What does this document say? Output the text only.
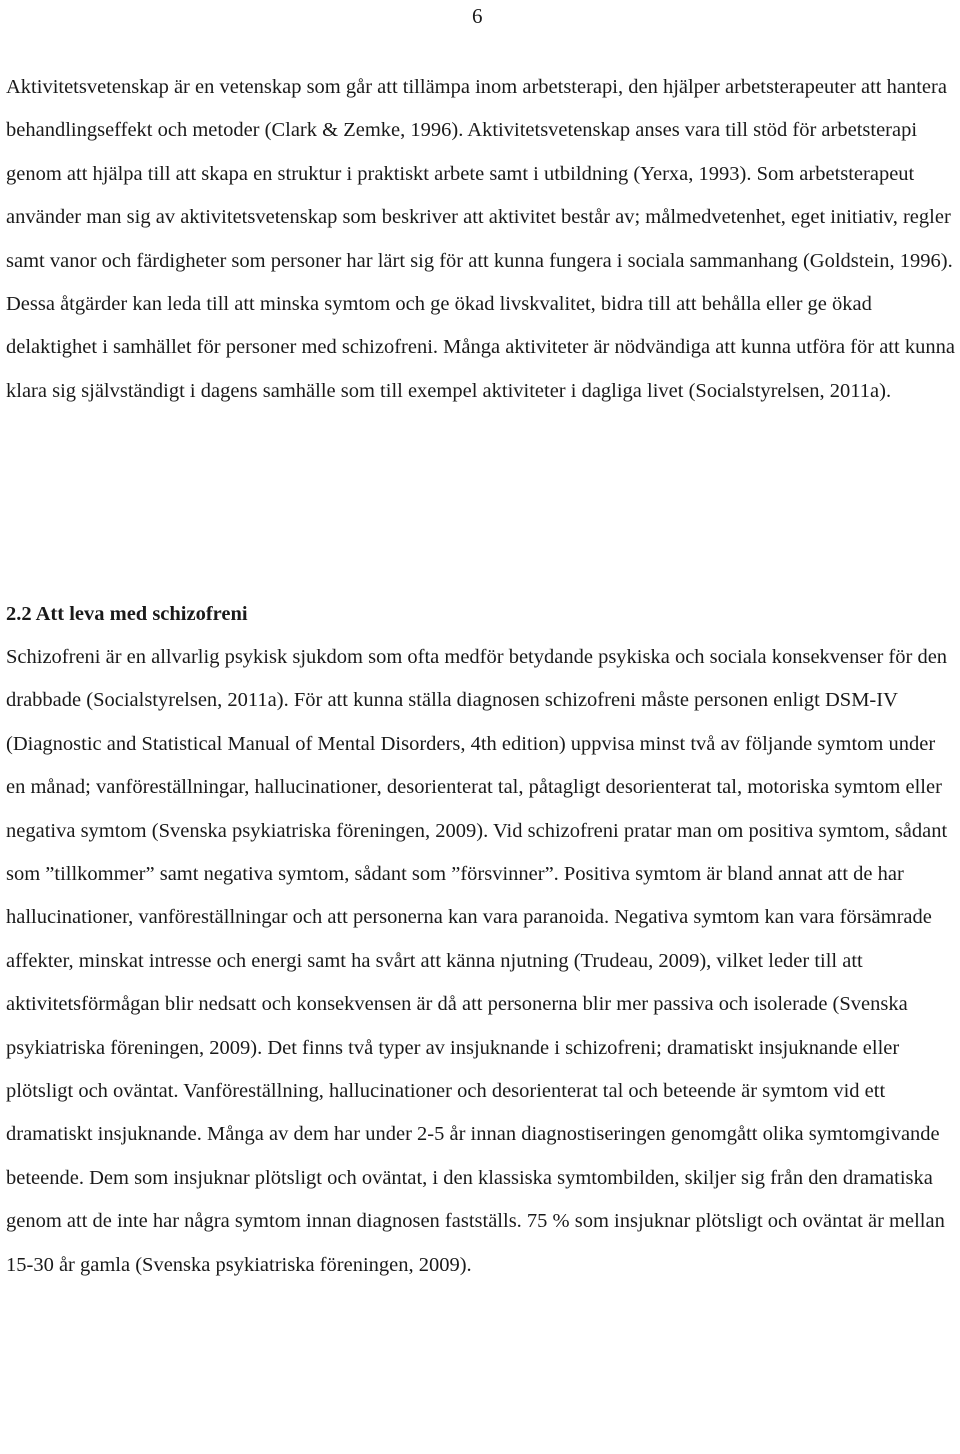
6

Aktivitetsvetenskap är en vetenskap som går att tillämpa inom arbetsterapi, den hjälper arbetsterapeuter att hantera behandlingseffekt och metoder (Clark & Zemke, 1996). Aktivitetsvetenskap anses vara till stöd för arbetsterapi genom att hjälpa till att skapa en struktur i praktiskt arbete samt i utbildning (Yerxa, 1993). Som arbetsterapeut använder man sig av aktivitetsvetenskap som beskriver att aktivitet består av; målmedvetenhet, eget initiativ, regler samt vanor och färdigheter som personer har lärt sig för att kunna fungera i sociala sammanhang (Goldstein, 1996). Dessa åtgärder kan leda till att minska symtom och ge ökad livskvalitet, bidra till att behålla eller ge ökad delaktighet i samhället för personer med schizofreni. Många aktiviteter är nödvändiga att kunna utföra för att kunna klara sig självständigt i dagens samhälle som till exempel aktiviteter i dagliga livet (Socialstyrelsen, 2011a).

2.2 Att leva med schizofreni

Schizofreni är en allvarlig psykisk sjukdom som ofta medför betydande psykiska och sociala konsekvenser för den drabbade (Socialstyrelsen, 2011a). För att kunna ställa diagnosen schizofreni måste personen enligt DSM-IV (Diagnostic and Statistical Manual of Mental Disorders, 4th edition) uppvisa minst två av följande symtom under en månad; vanföreställningar, hallucinationer, desorienterat tal, påtagligt desorienterat tal, motoriska symtom eller negativa symtom (Svenska psykiatriska föreningen, 2009). Vid schizofreni pratar man om positiva symtom, sådant som ”tillkommer” samt negativa symtom, sådant som ”försvinner”. Positiva symtom är bland annat att de har hallucinationer, vanföreställningar och att personerna kan vara paranoida. Negativa symtom kan vara försämrade affekter, minskat intresse och energi samt ha svårt att känna njutning (Trudeau, 2009), vilket leder till att aktivitetsförmågan blir nedsatt och konsekvensen är då att personerna blir mer passiva och isolerade (Svenska psykiatriska föreningen, 2009). Det finns två typer av insjuknande i schizofreni; dramatiskt insjuknande eller plötsligt och oväntat. Vanföreställning, hallucinationer och desorienterat tal och beteende är symtom vid ett dramatiskt insjuknande. Många av dem har under 2-5 år innan diagnostiseringen genomgått olika symtomgivande beteende. Dem som insjuknar plötsligt och oväntat, i den klassiska symtombilden, skiljer sig från den dramatiska genom att de inte har några symtom innan diagnosen fastställs. 75 % som insjuknar plötsligt och oväntat är mellan 15-30 år gamla (Svenska psykiatriska föreningen, 2009).
